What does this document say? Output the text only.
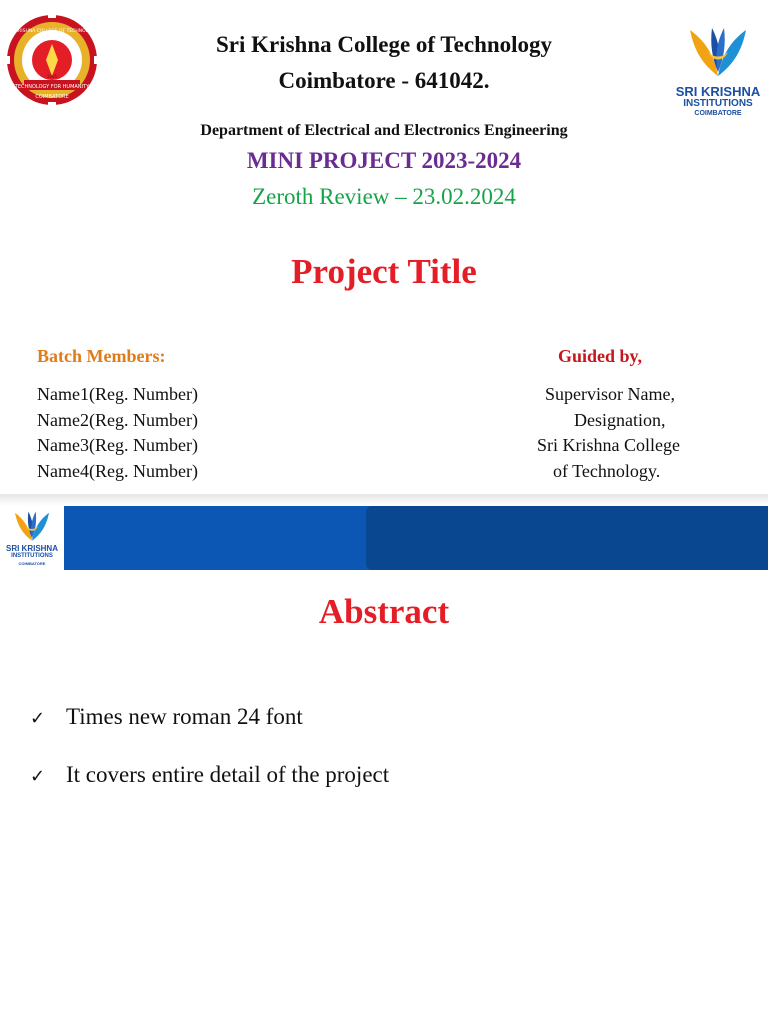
TECHNOLOGY FOR HUMANITY
COIMBATORE
SRI KRISHNA COLLEGE OF TECHNOLOGY
1985
SRI KRISHNA
INSTITUTIONS
COIMBATORE
Sri Krishna College of Technology
Coimbatore - 641042.
Department of Electrical and Electronics Engineering
MINI PROJECT 2023-2024
Zeroth Review – 23.02.2024
Project Title
Batch Members:	Guided by,
Name1(Reg. Number)
Name2(Reg. Number)
Name3(Reg. Number)
Name4(Reg. Number)
Supervisor Name,
Designation,
Sri Krishna College
of Technology.
SRI KRISHNA
INSTITUTIONS
COIMBATORE
Abstract
✓ Times new roman 24 font
✓ It covers entire detail of the project
